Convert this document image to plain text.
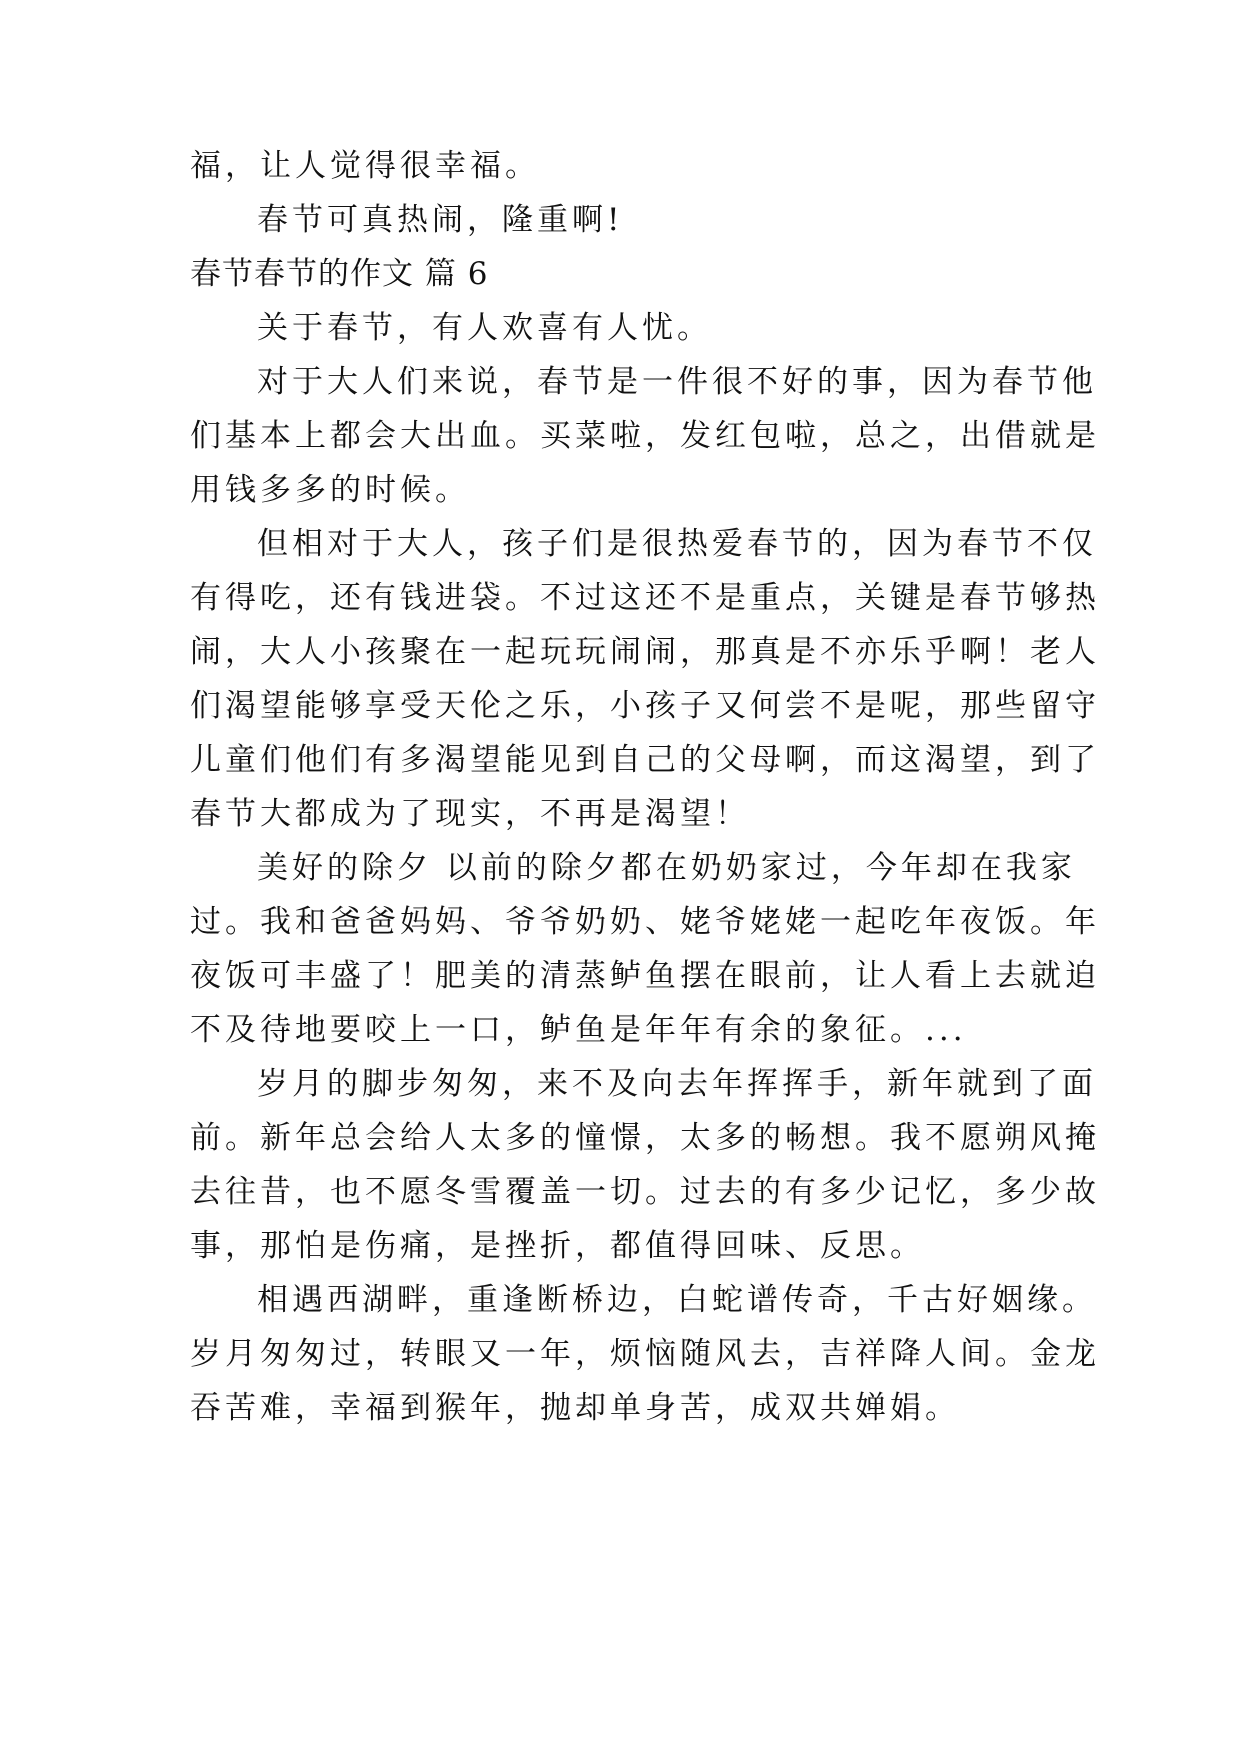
福，让人觉得很幸福。
春节可真热闹，隆重啊!
春节春节的作文 篇 6
关于春节，有人欢喜有人忧。
对于大人们来说，春节是一件很不好的事，因为春节他
们基本上都会大出血。买菜啦，发红包啦，总之，出借就是
用钱多多的时候。
但相对于大人，孩子们是很热爱春节的，因为春节不仅
有得吃，还有钱进袋。不过这还不是重点，关键是春节够热
闹，大人小孩聚在一起玩玩闹闹，那真是不亦乐乎啊！老人
们渴望能够享受天伦之乐，小孩子又何尝不是呢，那些留守
儿童们他们有多渴望能见到自己的父母啊，而这渴望，到了
春节大都成为了现实，不再是渴望！
美好的除夕 以前的除夕都在奶奶家过，今年却在我家
过。我和爸爸妈妈、爷爷奶奶、姥爷姥姥一起吃年夜饭。年
夜饭可丰盛了！肥美的清蒸鲈鱼摆在眼前，让人看上去就迫
不及待地要咬上一口，鲈鱼是年年有余的象征。...
岁月的脚步匆匆，来不及向去年挥挥手，新年就到了面
前。新年总会给人太多的憧憬，太多的畅想。我不愿朔风掩
去往昔，也不愿冬雪覆盖一切。过去的有多少记忆，多少故
事，那怕是伤痛，是挫折，都值得回味、反思。
相遇西湖畔，重逢断桥边，白蛇谱传奇，千古好姻缘。
岁月匆匆过，转眼又一年，烦恼随风去，吉祥降人间。金龙
吞苦难，幸福到猴年，抛却单身苦，成双共婵娟。
